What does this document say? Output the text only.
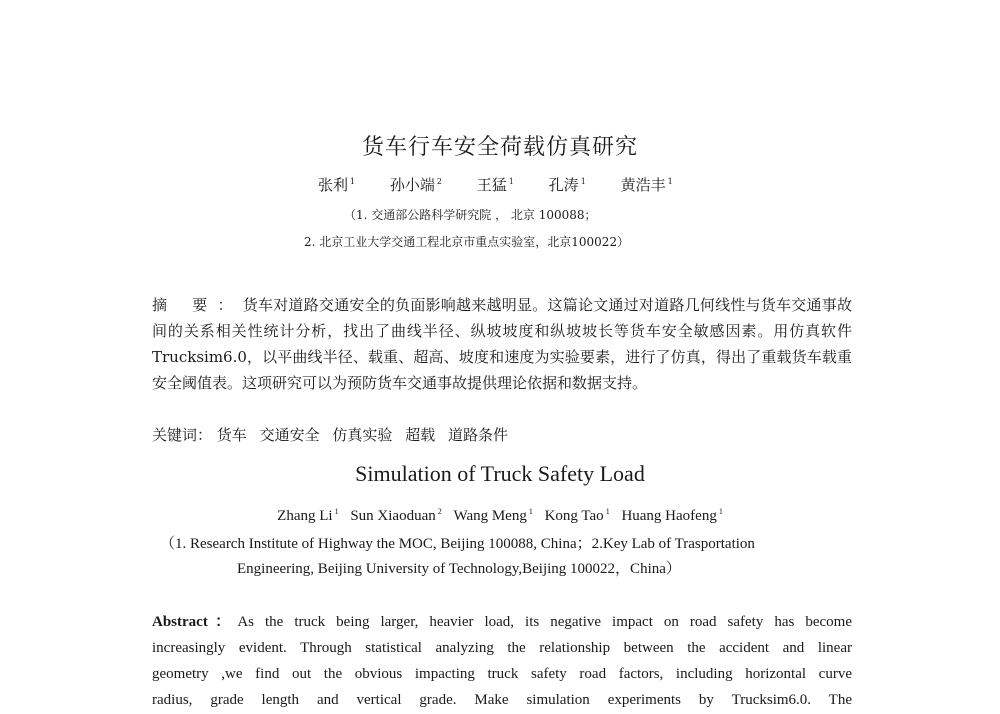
货车行车安全荷载仿真研究
张利 $^1$ 孙小端 $^2$ 王猛 $^1$ 孔涛 $^1$ 黄浩丰 $^1$
（1. 交通部公路科学研究院 ， 北京 100088；
2. 北京工业大学交通工程北京市重点实验室，北京100022）
摘 要：货车对道路交通安全的负面影响越来越明显。这篇论文通过对道路几何线性与货车交通事故间的关系相关性统计分析，找出了曲线半径、纵坡坡度和纵坡坡长等货车安全敏感因素。用仿真软件 Trucksim6.0，以平曲线半径、载重、超高、坡度和速度为实验要素，进行了仿真，得出了重载货车载重安全阈值表。这项研究可以为预防货车交通事故提供理论依据和数据支持。
关键词： 货车 交通安全 仿真实验 超载 道路条件
Simulation of Truck Safety Load
Zhang Li $^1$ Sun Xiaoduan $^2$ Wang Meng $^1$ Kong Tao $^1$ Huang Haofeng $^1$
（1. Research Institute of Highway the MOC, Beijing 100088, China；2.Key Lab of Trasportation
Engineering, Beijing University of Technology,Beijing 100022，China）
Abstract：As the truck being larger, heavier load, its negative impact on road safety has become
increasingly evident. Through statistical analyzing the relationship between the accident and linear
geometry ,we find out the obvious impacting truck safety road factors, including horizontal curve
radius, grade length and vertical grade. Make simulation experiments by Trucksim6.0. The
